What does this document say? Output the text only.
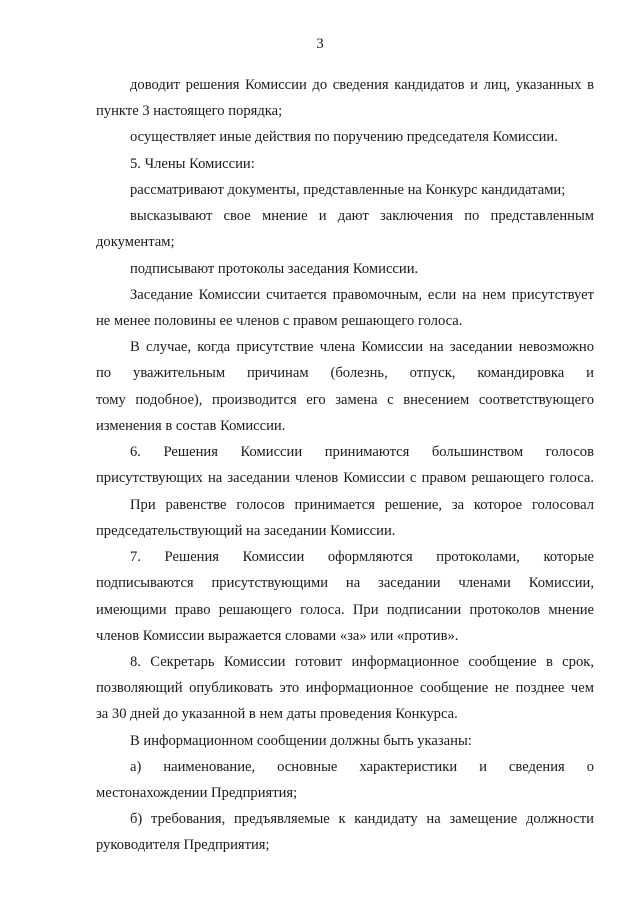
3
доводит решения Комиссии до сведения кандидатов и лиц, указанных в
пункте 3 настоящего порядка;
осуществляет иные действия по поручению председателя Комиссии.
5. Члены Комиссии:
рассматривают документы, представленные на Конкурс кандидатами;
высказывают свое мнение и дают заключения по представленным
документам;
подписывают протоколы заседания Комиссии.
Заседание Комиссии считается правомочным, если на нем присутствует
не менее половины ее членов с правом решающего голоса.
В случае, когда присутствие члена Комиссии на заседании невозможно
по уважительным причинам (болезнь, отпуск, командировка и
тому подобное), производится его замена с внесением соответствующего
изменения в состав Комиссии.
6. Решения Комиссии принимаются большинством голосов
присутствующих на заседании членов Комиссии с правом решающего голоса.
При равенстве голосов принимается решение, за которое голосовал
председательствующий на заседании Комиссии.
7. Решения Комиссии оформляются протоколами, которые
подписываются присутствующими на заседании членами Комиссии,
имеющими право решающего голоса. При подписании протоколов мнение
членов Комиссии выражается словами «за» или «против».
8. Секретарь Комиссии готовит информационное сообщение в срок,
позволяющий опубликовать это информационное сообщение не позднее чем
за 30 дней до указанной в нем даты проведения Конкурса.
В информационном сообщении должны быть указаны:
а) наименование, основные характеристики и сведения о
местонахождении Предприятия;
б) требования, предъявляемые к кандидату на замещение должности
руководителя Предприятия;
